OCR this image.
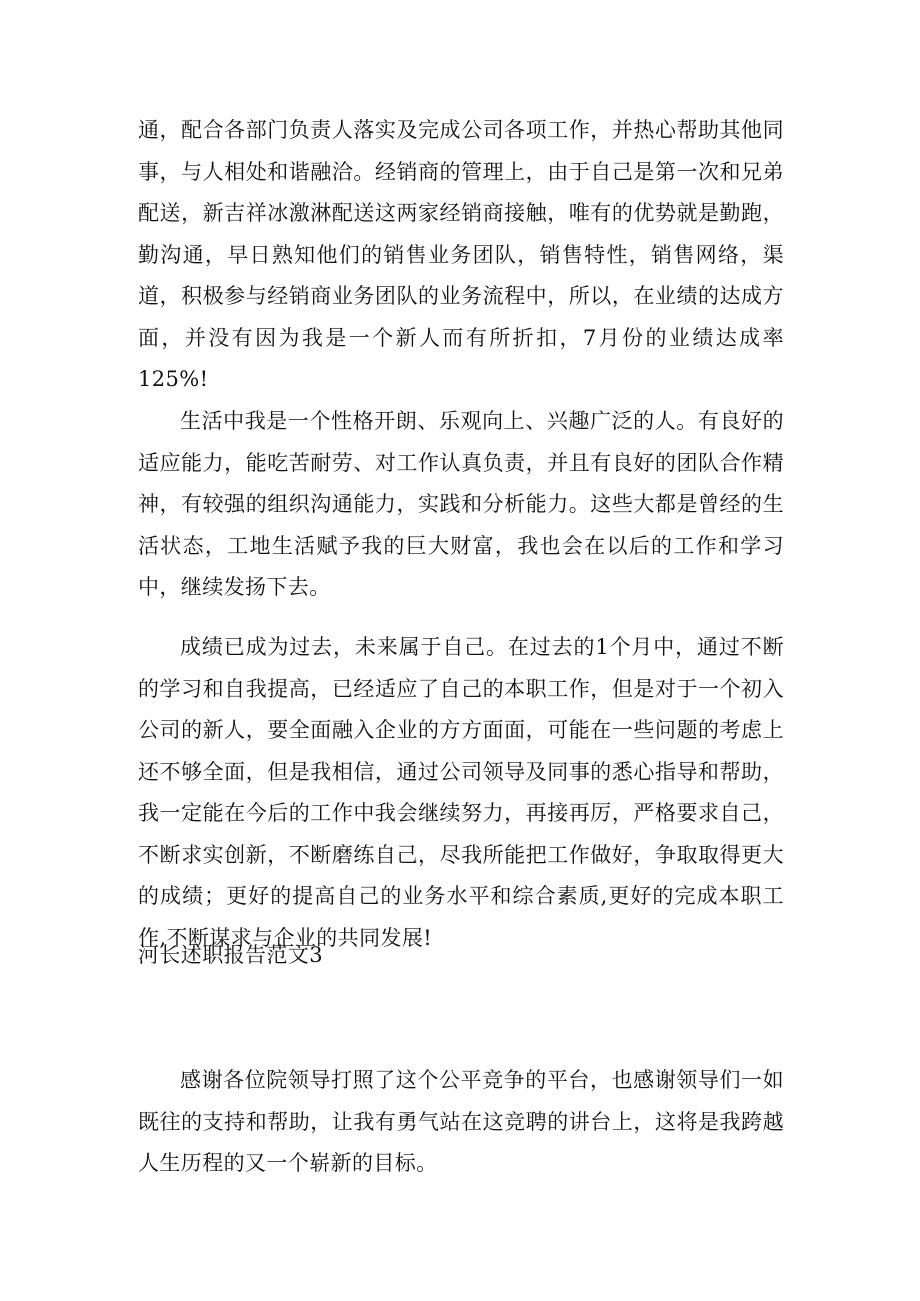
通，配合各部门负责人落实及完成公司各项工作，并热心帮助其他同事，与人相处和谐融洽。经销商的管理上，由于自己是第一次和兄弟配送，新吉祥冰激淋配送这两家经销商接触，唯有的优势就是勤跑，勤沟通，早日熟知他们的销售业务团队，销售特性，销售网络，渠道，积极参与经销商业务团队的业务流程中，所以，在业绩的达成方面，并没有因为我是一个新人而有所折扣，7月份的业绩达成率125%!

生活中我是一个性格开朗、乐观向上、兴趣广泛的人。有良好的适应能力，能吃苦耐劳、对工作认真负责，并且有良好的团队合作精神，有较强的组织沟通能力，实践和分析能力。这些大都是曾经的生活状态，工地生活赋予我的巨大财富，我也会在以后的工作和学习中，继续发扬下去。

成绩已成为过去，未来属于自己。在过去的1个月中，通过不断的学习和自我提高，已经适应了自己的本职工作，但是对于一个初入公司的新人，要全面融入企业的方方面面，可能在一些问题的考虑上还不够全面，但是我相信，通过公司领导及同事的悉心指导和帮助，我一定能在今后的工作中我会继续努力，再接再厉，严格要求自己，不断求实创新，不断磨练自己，尽我所能把工作做好，争取取得更大的成绩；更好的提高自己的业务水平和综合素质,更好的完成本职工作,不断谋求与企业的共同发展!

河长述职报告范文3

感谢各位院领导打照了这个公平竞争的平台，也感谢领导们一如既往的支持和帮助，让我有勇气站在这竞聘的讲台上，这将是我跨越人生历程的又一个崭新的目标。
